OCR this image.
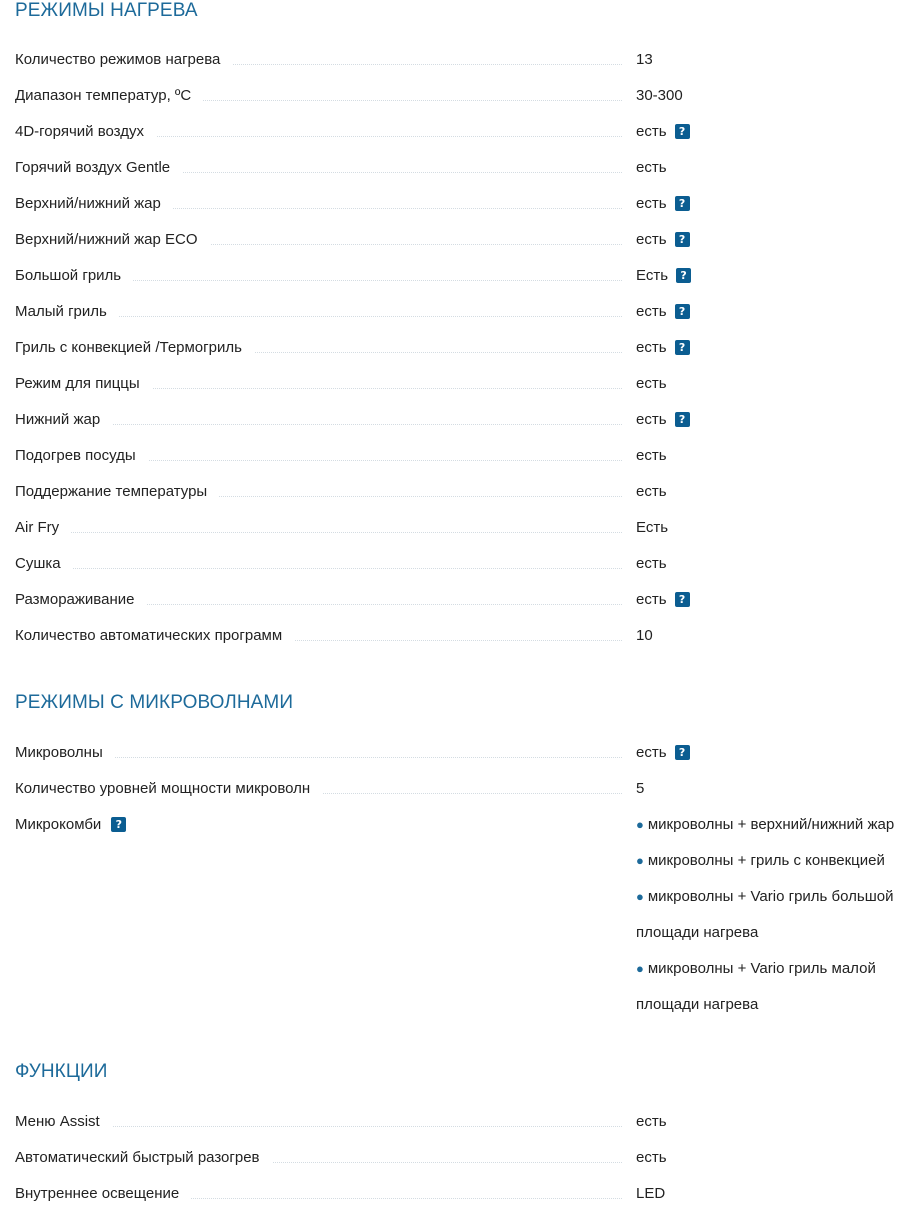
РЕЖИМЫ НАГРЕВА
Количество режимов нагрева	13
Диапазон температур, ºC	30-300
4D-горячий воздух	есть ?
Горячий воздух Gentle	есть
Верхний/нижний жар	есть ?
Верхний/нижний жар ECO	есть ?
Большой гриль	Есть ?
Малый гриль	есть ?
Гриль с конвекцией /Термогриль	есть ?
Режим для пиццы	есть
Нижний жар	есть ?
Подогрев посуды	есть
Поддержание температуры	есть
Air Fry	Есть
Сушка	есть
Размораживание	есть ?
Количество автоматических программ	10
РЕЖИМЫ С МИКРОВОЛНАМИ
Микроволны	есть ?
Количество уровней мощности микроволн	5
Микрокомби ?	● микроволны + верхний/нижний жар
● микроволны + гриль с конвекцией
● микроволны + Vario гриль большой площади нагрева
● микроволны + Vario гриль малой площади нагрева
ФУНКЦИИ
Меню Assist	есть
Автоматический быстрый разогрев	есть
Внутреннее освещение	LED
